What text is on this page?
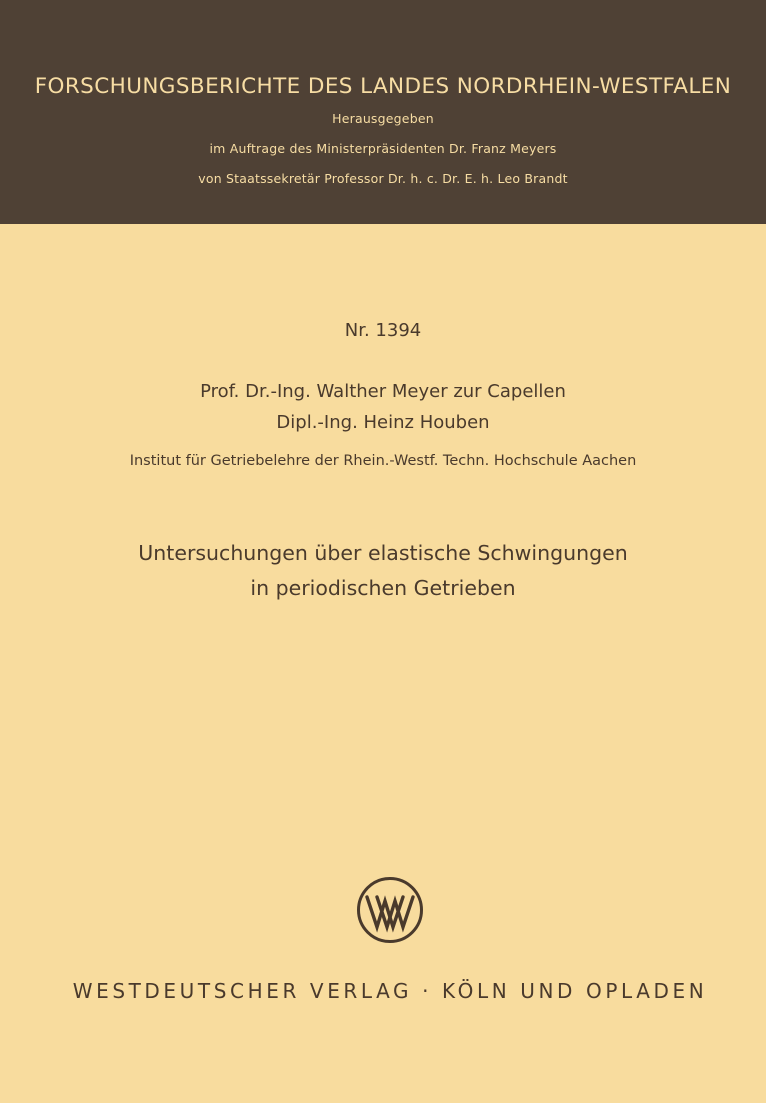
FORSCHUNGSBERICHTE DES LANDES NORDRHEIN-WESTFALEN
Herausgegeben
im Auftrage des Ministerpräsidenten Dr. Franz Meyers
von Staatssekretär Professor Dr. h. c. Dr. E. h. Leo Brandt
Nr. 1394
Prof. Dr.-Ing. Walther Meyer zur Capellen
Dipl.-Ing. Heinz Houben
Institut für Getriebelehre der Rhein.-Westf. Techn. Hochschule Aachen
Untersuchungen über elastische Schwingungen
in periodischen Getrieben
WESTDEUTSCHER VERLAG · KÖLN UND OPLADEN
